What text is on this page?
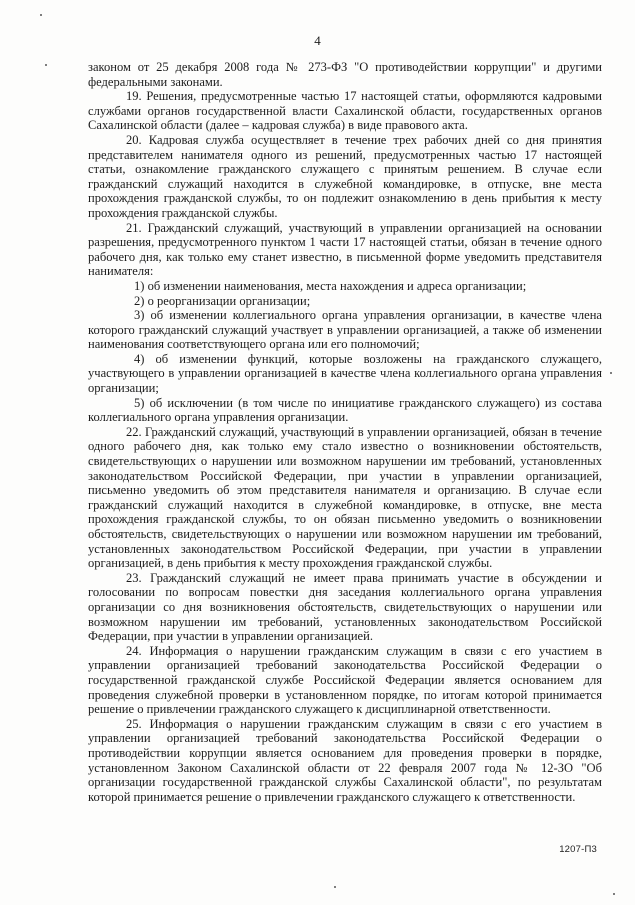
4

законом от 25 декабря 2008 года № 273-ФЗ "О противодействии коррупции" и другими федеральными законами.

19. Решения, предусмотренные частью 17 настоящей статьи, оформляются кадровыми службами органов государственной власти Сахалинской области, государственных органов Сахалинской области (далее – кадровая служба) в виде правового акта.

20. Кадровая служба осуществляет в течение трех рабочих дней со дня принятия представителем нанимателя одного из решений, предусмотренных частью 17 настоящей статьи, ознакомление гражданского служащего с принятым решением. В случае если гражданский служащий находится в служебной командировке, в отпуске, вне места прохождения гражданской службы, то он подлежит ознакомлению в день прибытия к месту прохождения гражданской службы.

21. Гражданский служащий, участвующий в управлении организацией на основании разрешения, предусмотренного пунктом 1 части 17 настоящей статьи, обязан в течение одного рабочего дня, как только ему станет известно, в письменной форме уведомить представителя нанимателя:

1) об изменении наименования, места нахождения и адреса организации;

2) о реорганизации организации;

3) об изменении коллегиального органа управления организации, в качестве члена которого гражданский служащий участвует в управлении организацией, а также об изменении наименования соответствующего органа или его полномочий;

4) об изменении функций, которые возложены на гражданского служащего, участвующего в управлении организацией в качестве члена коллегиального органа управления организации;

5) об исключении (в том числе по инициативе гражданского служащего) из состава коллегиального органа управления организации.

22. Гражданский служащий, участвующий в управлении организацией, обязан в течение одного рабочего дня, как только ему стало известно о возникновении обстоятельств, свидетельствующих о нарушении или возможном нарушении им требований, установленных законодательством Российской Федерации, при участии в управлении организацией, письменно уведомить об этом представителя нанимателя и организацию. В случае если гражданский служащий находится в служебной командировке, в отпуске, вне места прохождения гражданской службы, то он обязан письменно уведомить о возникновении обстоятельств, свидетельствующих о нарушении или возможном нарушении им требований, установленных законодательством Российской Федерации, при участии в управлении организацией, в день прибытия к месту прохождения гражданской службы.

23. Гражданский служащий не имеет права принимать участие в обсуждении и голосовании по вопросам повестки дня заседания коллегиального органа управления организации со дня возникновения обстоятельств, свидетельствующих о нарушении или возможном нарушении им требований, установленных законодательством Российской Федерации, при участии в управлении организацией.

24. Информация о нарушении гражданским служащим в связи с его участием в управлении организацией требований законодательства Российской Федерации о государственной гражданской службе Российской Федерации является основанием для проведения служебной проверки в установленном порядке, по итогам которой принимается решение о привлечении гражданского служащего к дисциплинарной ответственности.

25. Информация о нарушении гражданским служащим в связи с его участием в управлении организацией требований законодательства Российской Федерации о противодействии коррупции является основанием для проведения проверки в порядке, установленном Законом Сахалинской области от 22 февраля 2007 года № 12-ЗО "Об организации государственной гражданской службы Сахалинской области", по результатам которой принимается решение о привлечении гражданского служащего к ответственности.

1207-П3
